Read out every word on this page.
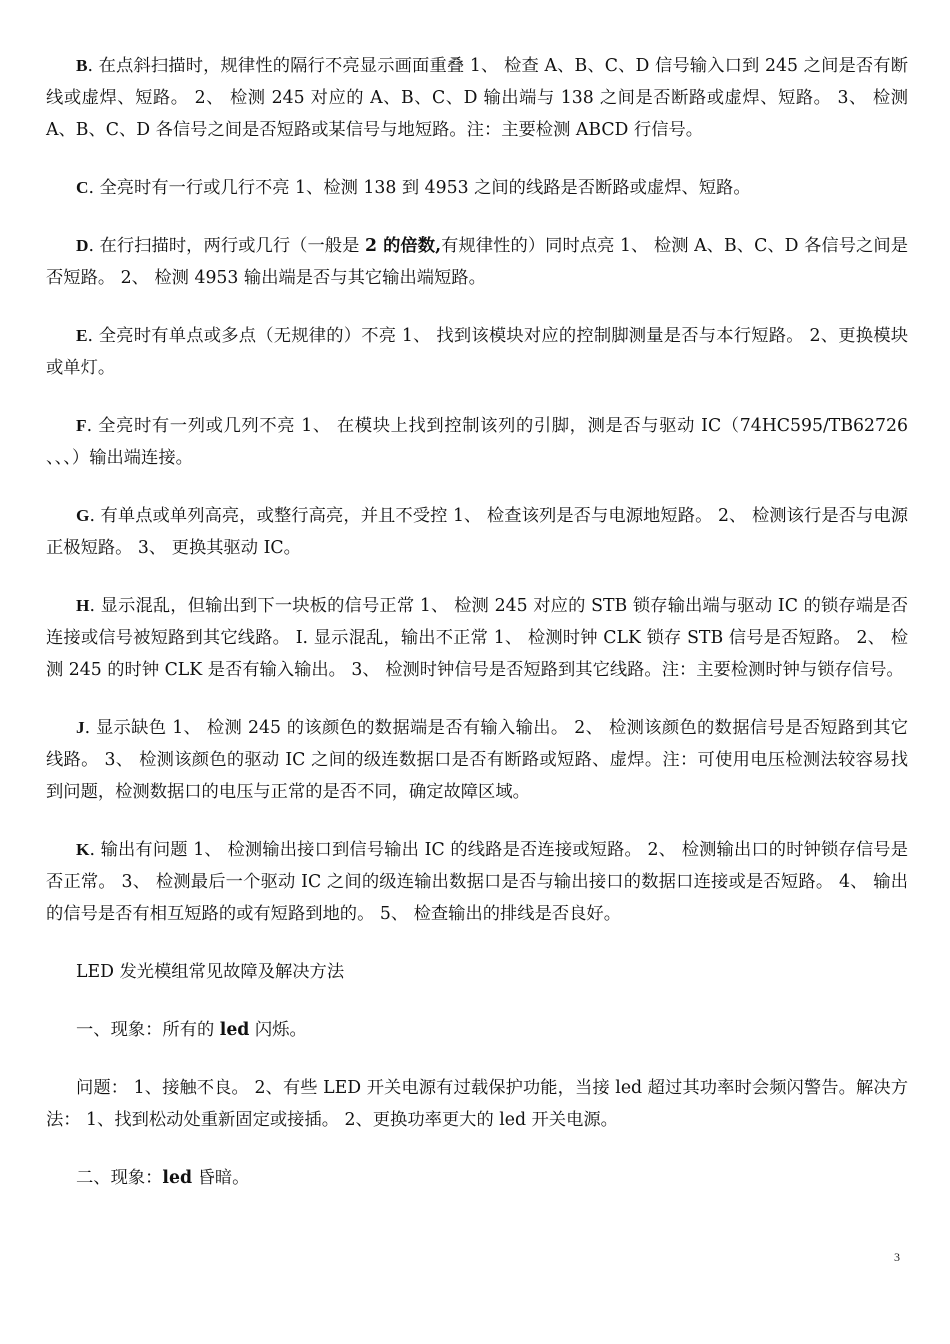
B. 在点斜扫描时，规律性的隔行不亮显示画面重叠 1、 检查 A、B、C、D 信号输入口到 245 之间是否有断线或虚焊、短路。 2、 检测 245 对应的 A、B、C、D 输出端与 138 之间是否断路或虚焊、短路。 3、 检测 A、B、C、D 各信号之间是否短路或某信号与地短路。注：主要检测 ABCD 行信号。

C. 全亮时有一行或几行不亮 1、检测 138 到 4953 之间的线路是否断路或虚焊、短路。

D. 在行扫描时，两行或几行（一般是 2 的倍数,有规律性的）同时点亮 1、 检测 A、B、C、D 各信号之间是否短路。 2、 检测 4953 输出端是否与其它输出端短路。

E. 全亮时有单点或多点（无规律的）不亮 1、 找到该模块对应的控制脚测量是否与本行短路。 2、更换模块或单灯。

F. 全亮时有一列或几列不亮 1、 在模块上找到控制该列的引脚，测是否与驱动 IC（74HC595/TB62726 、、、）输出端连接。

G. 有单点或单列高亮，或整行高亮，并且不受控 1、 检查该列是否与电源地短路。 2、 检测该行是否与电源正极短路。 3、 更换其驱动 IC。

H. 显示混乱，但输出到下一块板的信号正常 1、 检测 245 对应的 STB 锁存输出端与驱动 IC 的锁存端是否连接或信号被短路到其它线路。 I. 显示混乱，输出不正常 1、 检测时钟 CLK 锁存 STB 信号是否短路。 2、 检测 245 的时钟 CLK 是否有输入输出。 3、 检测时钟信号是否短路到其它线路。注：主要检测时钟与锁存信号。

J. 显示缺色 1、 检测 245 的该颜色的数据端是否有输入输出。 2、 检测该颜色的数据信号是否短路到其它线路。 3、 检测该颜色的驱动 IC 之间的级连数据口是否有断路或短路、虚焊。注：可使用电压检测法较容易找到问题，检测数据口的电压与正常的是否不同，确定故障区域。

K. 输出有问题 1、 检测输出接口到信号输出 IC 的线路是否连接或短路。 2、 检测输出口的时钟锁存信号是否正常。 3、 检测最后一个驱动 IC 之间的级连输出数据口是否与输出接口的数据口连接或是否短路。 4、 输出的信号是否有相互短路的或有短路到地的。 5、 检查输出的排线是否良好。

LED 发光模组常见故障及解决方法

一、现象：所有的 led 闪烁。

问题： 1、接触不良。 2、有些 LED 开关电源有过载保护功能，当接 led 超过其功率时会频闪警告。解决方法： 1、找到松动处重新固定或接插。 2、更换功率更大的 led 开关电源。

二、现象：led 昏暗。

3
